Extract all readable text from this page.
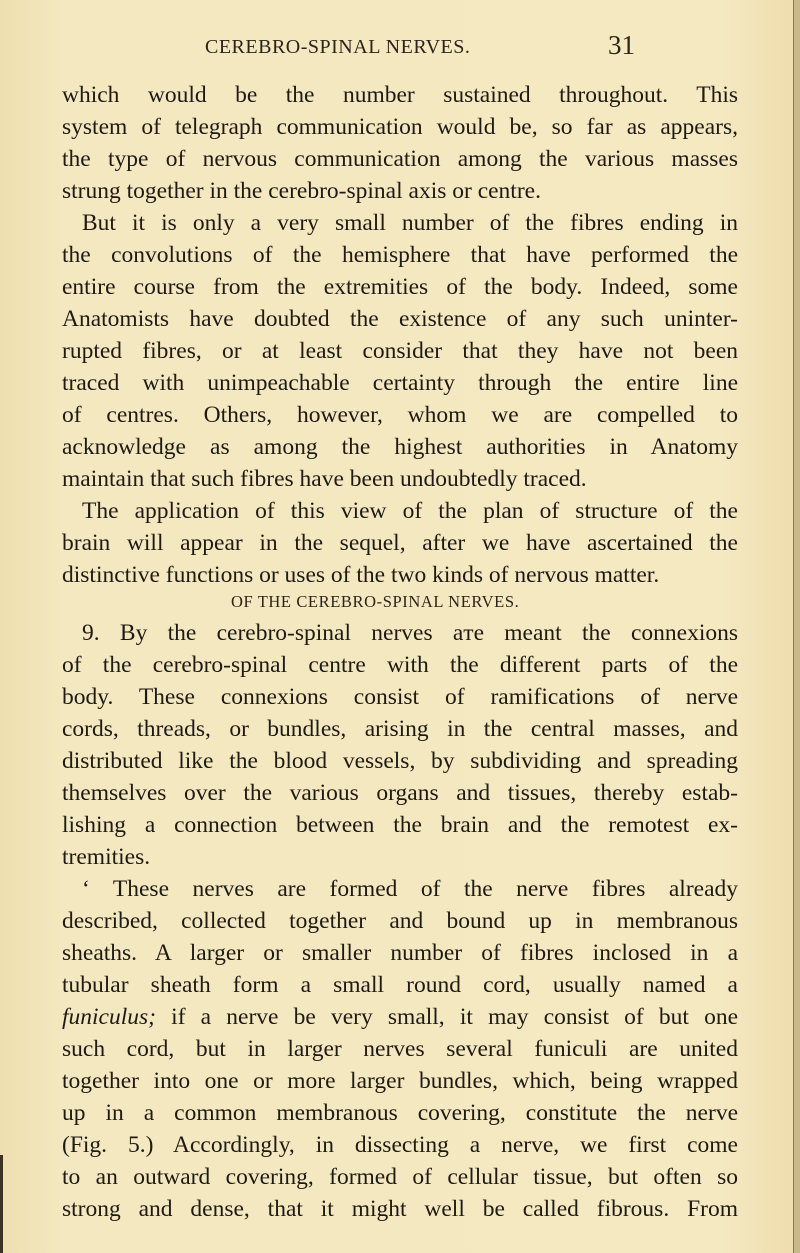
CEREBRO-SPINAL NERVES.	31
which would be the number sustained throughout. This
system of telegraph communication would be, so far as appears,
the type of nervous communication among the various masses
strung together in the cerebro-spinal axis or centre.
But it is only a very small number of the fibres ending in
the convolutions of the hemisphere that have performed the
entire course from the extremities of the body. Indeed, some
Anatomists have doubted the existence of any such uninter-
rupted fibres, or at least consider that they have not been
traced with unimpeachable certainty through the entire line
of centres. Others, however, whom we are compelled to
acknowledge as among the highest authorities in Anatomy
maintain that such fibres have been undoubtedly traced.
The application of this view of the plan of structure of the
brain will appear in the sequel, after we have ascertained the
OF THE CEREBRO-SPINAL NERVES.
9. By the cerebro-spinal nerves aтe meant the connexions
of the cerebro-spinal centre with the different parts of the
body. These connexions consist of ramifications of nerve
cords, threads, or bundles, arising in the central masses, and
distributed like the blood vessels, by subdividing and spreading
themselves over the various organs and tissues, thereby estab-
lishing a connection between the brain and the remotest ex-
tremities.
‘ These nerves are formed of the nerve fibres already
described, collected together and bound up in membranous
sheaths. A larger or smaller number of fibres inclosed in a
tubular sheath form a small round cord, usually named a
funiculus; if a nerve be very small, it may consist of but one
such cord, but in larger nerves several funiculi are united
together into one or more larger bundles, which, being wrapped
up in a common membranous covering, constitute the nerve
(Fig. 5.) Accordingly, in dissecting a nerve, we first come
to an outward covering, formed of cellular tissue, but often so
strong and dense, that it might well be called fibrous. From
distinctive functions or uses of the two kinds of nervous matter.
